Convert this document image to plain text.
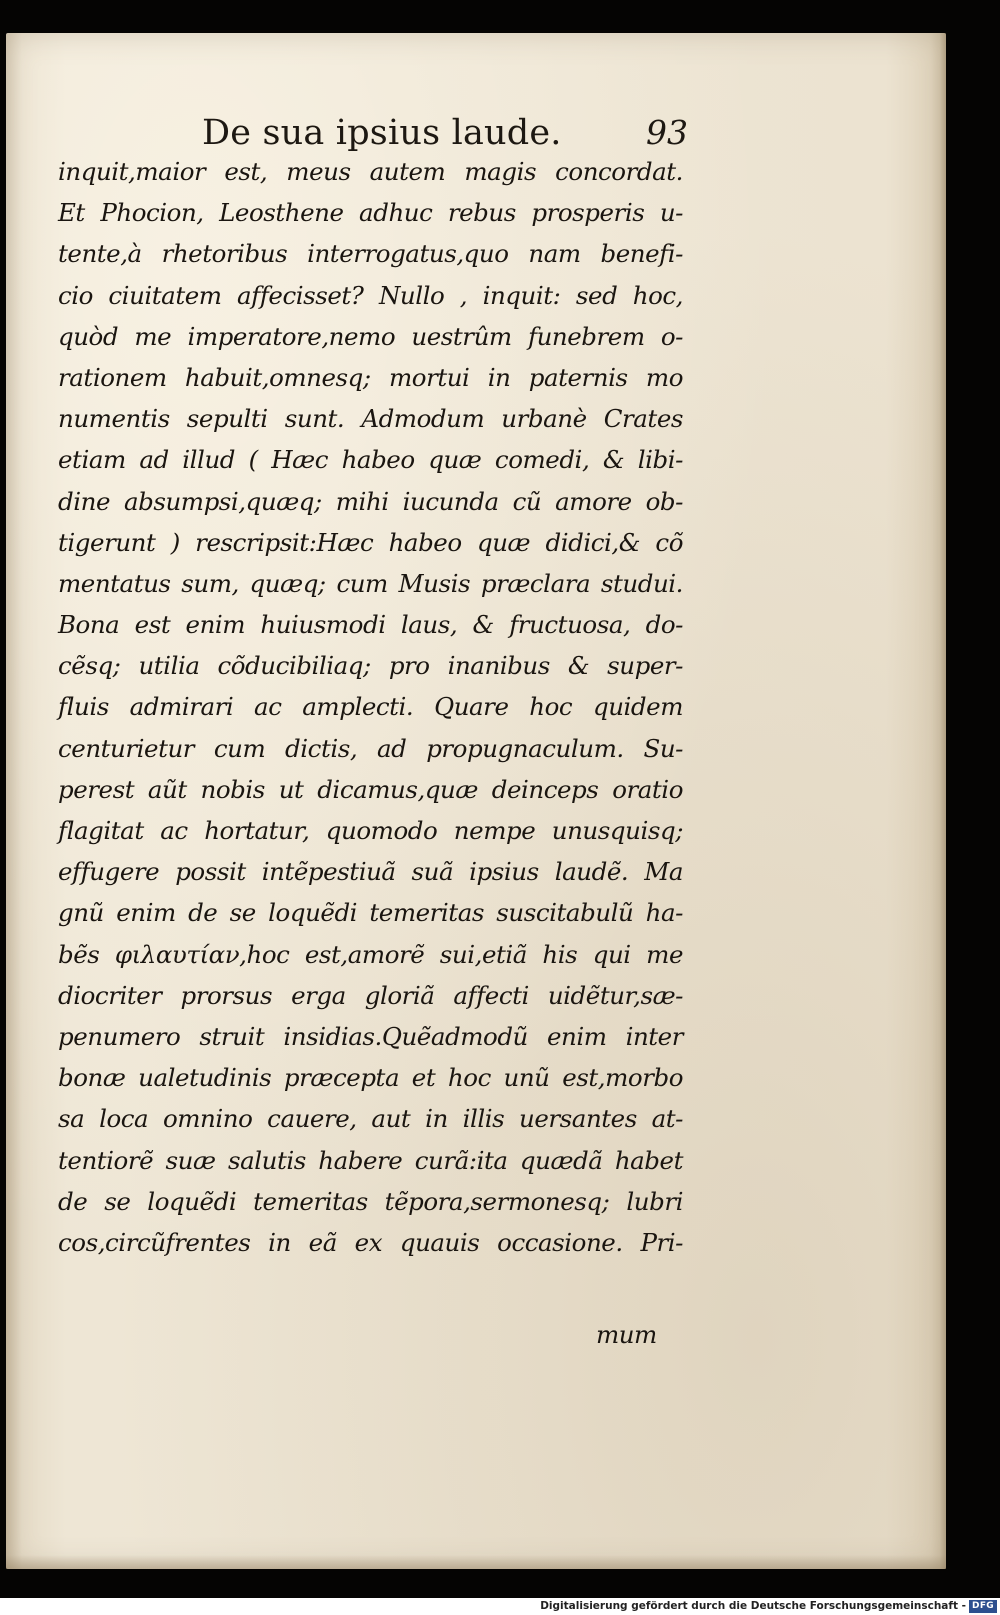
De sua ipsius laude.	93
inquit,maior est, meus autem magis concordat.
Et Phocion, Leosthene adhuc rebus prosperis u-
tente,à rhetoribus interrogatus,quo nam benefi-
cio ciuitatem affecisset? Nullo , inquit: sed hoc,
quòd me imperatore,nemo uestrûm funebrem o-
rationem habuit,omnesq; mortui in paternis mo
numentis sepulti sunt. Admodum urbanè Crates
etiam ad illud ( Hæc habeo quæ comedi, & libi-
dine absumpsi,quæq; mihi iucunda cũ amore ob-
tigerunt ) rescripsit:Hæc habeo quæ didici,& cõ
mentatus sum, quæq; cum Musis præclara studui.
Bona est enim huiusmodi laus, & fructuosa, do-
cẽsq; utilia cõducibiliaq; pro inanibus & super-
fluis admirari ac amplecti. Quare hoc quidem
centurietur cum dictis, ad propugnaculum. Su-
perest aũt nobis ut dicamus,quæ deinceps oratio
flagitat ac hortatur, quomodo nempe unusquisq;
effugere possit intẽpestiuã suã ipsius laudẽ. Ma
gnũ enim de se loquẽdi temeritas suscitabulũ ha-
bẽs φιλαυτίαν,hoc est,amorẽ sui,etiã his qui me
diocriter prorsus erga gloriã affecti uidẽtur,sæ-
penumero struit insidias.Quẽadmodũ enim inter
bonæ ualetudinis præcepta et hoc unũ est,morbo
sa loca omnino cauere, aut in illis uersantes at-
tentiorẽ suæ salutis habere curã:ita quædã habet
de se loquẽdi temeritas tẽpora,sermonesq; lubri
cos,circũfrentes in eã ex quauis occasione. Pri-
mum
Digitalisierung gefördert durch die Deutsche Forschungsgemeinschaft - DFG
